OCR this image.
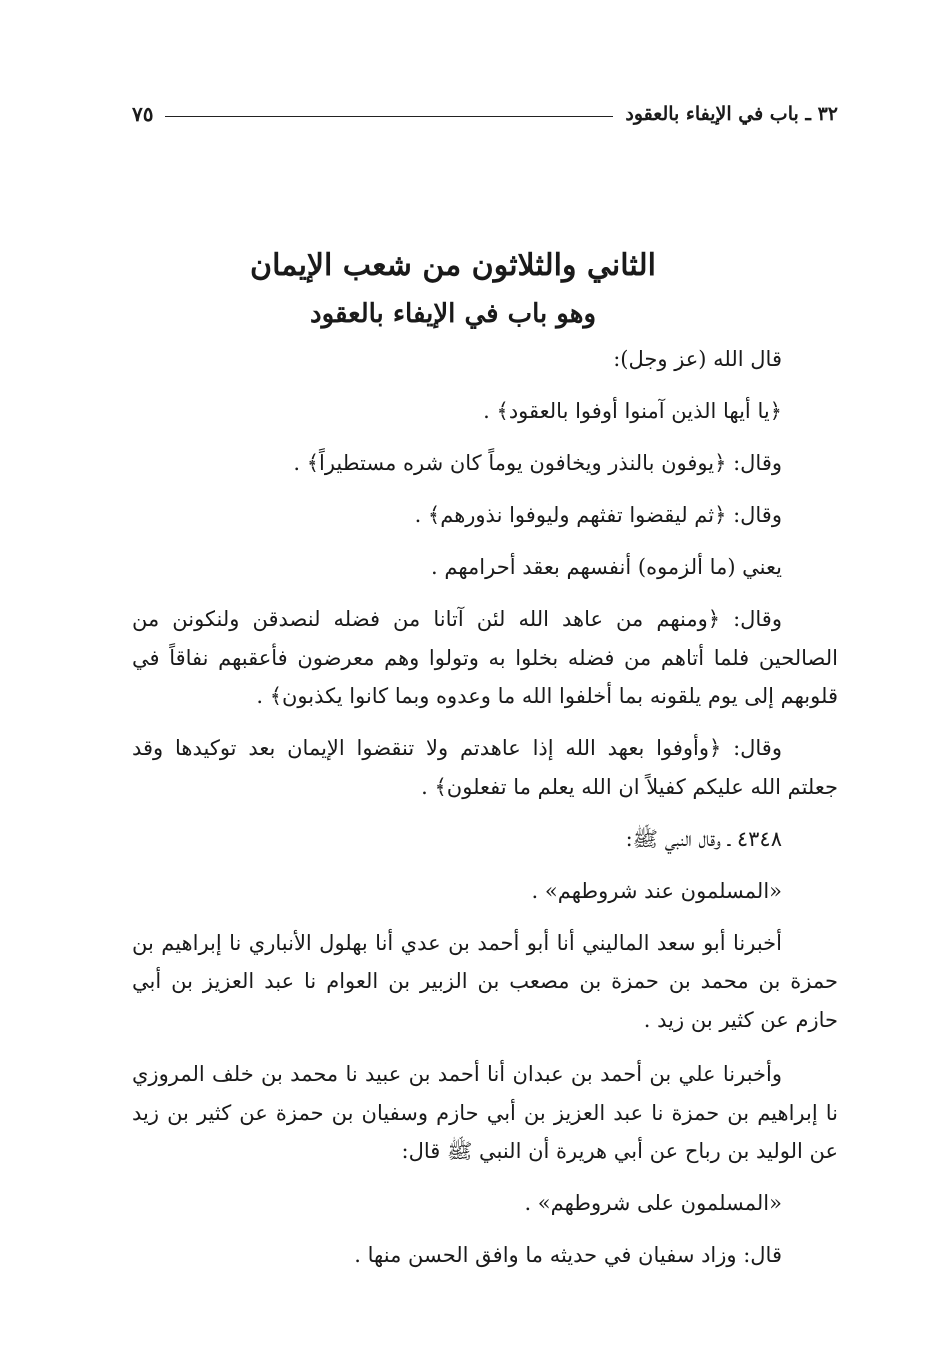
٣٢ ـ باب في الإيفاء بالعقود
٧٥
الثاني والثلاثون من شعب الإيمان
وهو باب في الإيفاء بالعقود

قال الله (عز وجل):

﴿يا أيها الذين آمنوا أوفوا بالعقود﴾ .

وقال: ﴿يوفون بالنذر ويخافون يوماً كان شره مستطيراً﴾ .

وقال: ﴿ثم ليقضوا تفثهم وليوفوا نذورهم﴾ .

يعني (ما ألزموه) أنفسهم بعقد أحرامهم .

وقال: ﴿ومنهم من عاهد الله لئن آتانا من فضله لنصدقن ولنكونن من الصالحين فلما أتاهم من فضله بخلوا به وتولوا وهم معرضون فأعقبهم نفاقاً في قلوبهم إلى يوم يلقونه بما أخلفوا الله ما وعدوه وبما كانوا يكذبون﴾ .

وقال: ﴿وأوفوا بعهد الله إذا عاهدتم ولا تنقضوا الإيمان بعد توكيدها وقد جعلتم الله عليكم كفيلاً ان الله يعلم ما تفعلون﴾ .

٤٣٤٨ ـ وقال النبي ﷺ:

«المسلمون عند شروطهم» .

أخبرنا أبو سعد الماليني أنا أبو أحمد بن عدي أنا بهلول الأنباري نا إبراهيم بن حمزة بن محمد بن حمزة بن مصعب بن الزبير بن العوام نا عبد العزيز بن أبي حازم عن كثير بن زيد .

وأخبرنا علي بن أحمد بن عبدان أنا أحمد بن عبيد نا محمد بن خلف المروزي نا إبراهيم بن حمزة نا عبد العزيز بن أبي حازم وسفيان بن حمزة عن كثير بن زيد عن الوليد بن رباح عن أبي هريرة أن النبي ﷺ قال:

«المسلمون على شروطهم» .

قال: وزاد سفيان في حديثه ما وافق الحسن منها .
